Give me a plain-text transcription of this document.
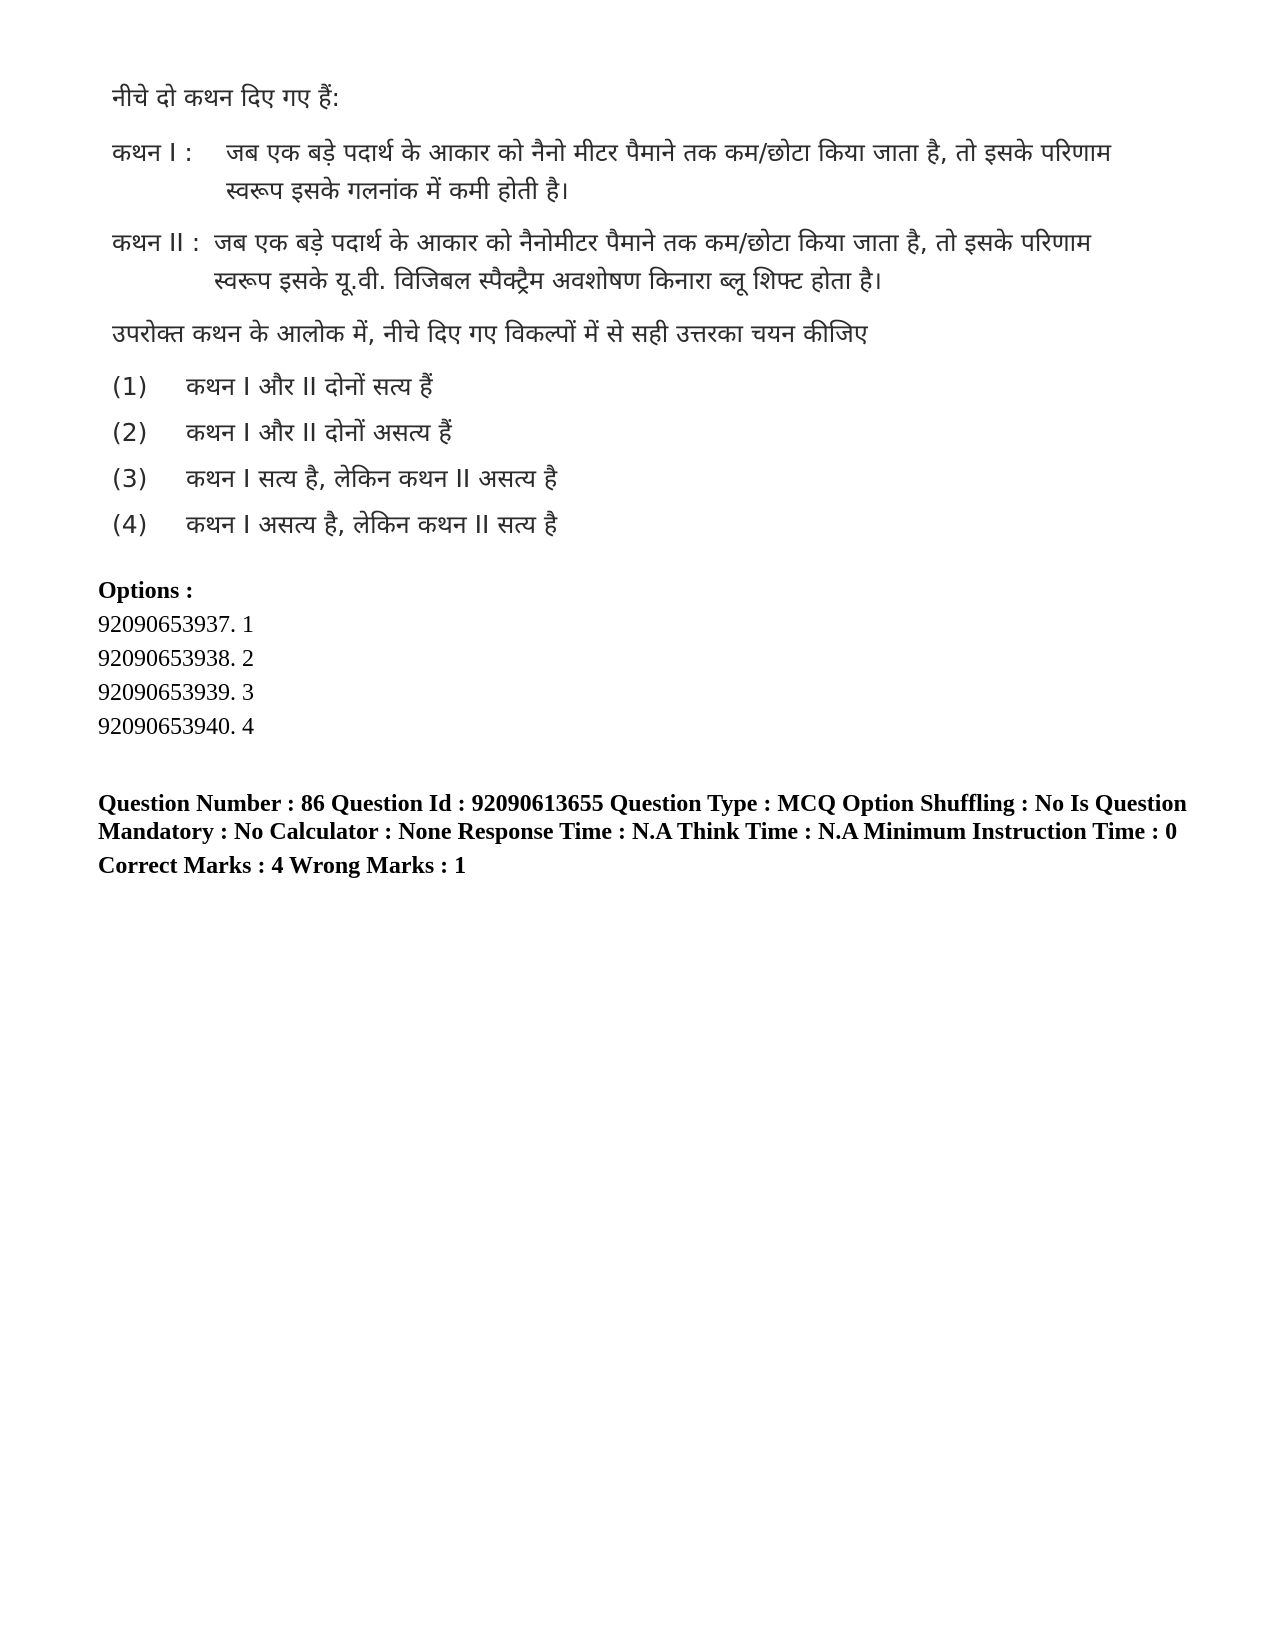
नीचे दो कथन दिए गए हैं:
कथन I :	जब एक बड़े पदार्थ के आकार को नैनो मीटर पैमाने तक कम/छोटा किया जाता है, तो इसके परिणाम स्वरूप इसके गलनांक में कमी होती है।
कथन II : जब एक बड़े पदार्थ के आकार को नैनोमीटर पैमाने तक कम/छोटा किया जाता है, तो इसके परिणाम स्वरूप इसके यू.वी. विजिबल स्पैक्ट्रैम अवशोषण किनारा ब्लू शिफ्ट होता है।
उपरोक्त कथन के आलोक में, नीचे दिए गए विकल्पों में से सही उत्तरका चयन कीजिए
(1)	कथन I और II दोनों सत्य हैं
(2)	कथन I और II दोनों असत्य हैं
(3)	कथन I सत्य है, लेकिन कथन II असत्य है
(4)	कथन I असत्य है, लेकिन कथन II सत्य है
Options :
92090653937. 1
92090653938. 2
92090653939. 3
92090653940. 4
Question Number : 86 Question Id : 92090613655 Question Type : MCQ Option Shuffling : No Is Question Mandatory : No Calculator : None Response Time : N.A Think Time : N.A Minimum Instruction Time : 0
Correct Marks : 4 Wrong Marks : 1
